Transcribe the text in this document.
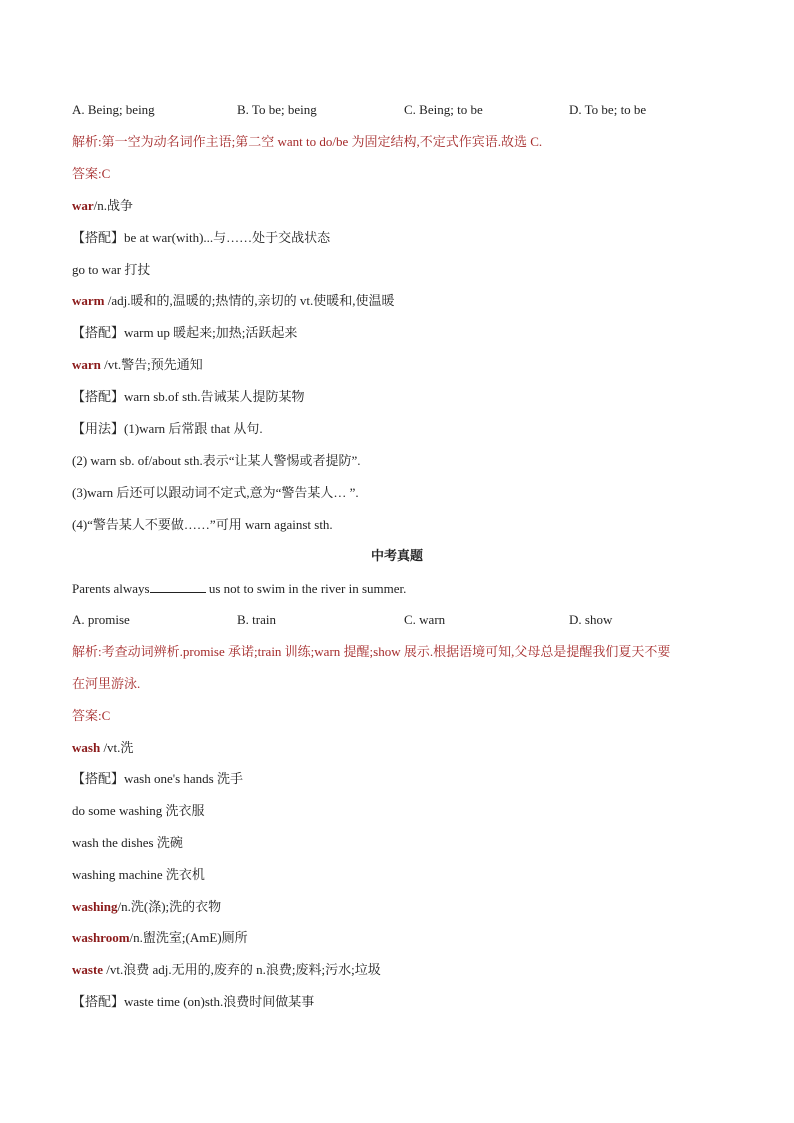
A. Being; being	B. To be; being	C. Being; to be	D. To be; to be
解析:第一空为动名词作主语;第二空 want to do/be 为固定结构,不定式作宾语.故选 C.
答案:C
war/n.战争
【搭配】be at war(with)...与……处于交战状态
go to war 打扙
warm /adj.暖和的,温暖的;热情的,亲切的 vt.使暖和,使温暖
【搭配】warm up 暖起来;加热;活跃起来
warn /vt.警告;预先通知
【搭配】warn sb.of sth.告诫某人提防某物
【用法】(1)warn 后常跟 that 从句.
(2) warn sb. of/about sth.表示“让某人警惕或者提防”.
(3)warn 后还可以跟动词不定式,意为“警告某人… ”.
(4)“警告某人不要做……”可用 warn against sth.
中考真题
Parents always	us not to swim in the river in summer.
A. promise	B. train	C. warn	D. show
解析:考查动词辨析.promise 承诺;train 训练;warn 提醒;show 展示.根据语境可知,父母总是提醒我们夏天不要
在河里游泳.
答案:C
wash /vt.洗
【搭配】wash one's hands 洗手
do some washing 洗衣服
wash the dishes 洗碗
washing machine 洗衣机
washing/n.洗(涤);洗的衣物
washroom/n.盥洗室;(AmE)厕所
waste /vt.浪费 adj.无用的,废弃的 n.浪费;废料;污水;垃圾
【搭配】waste time (on)sth.浪费时间做某事
